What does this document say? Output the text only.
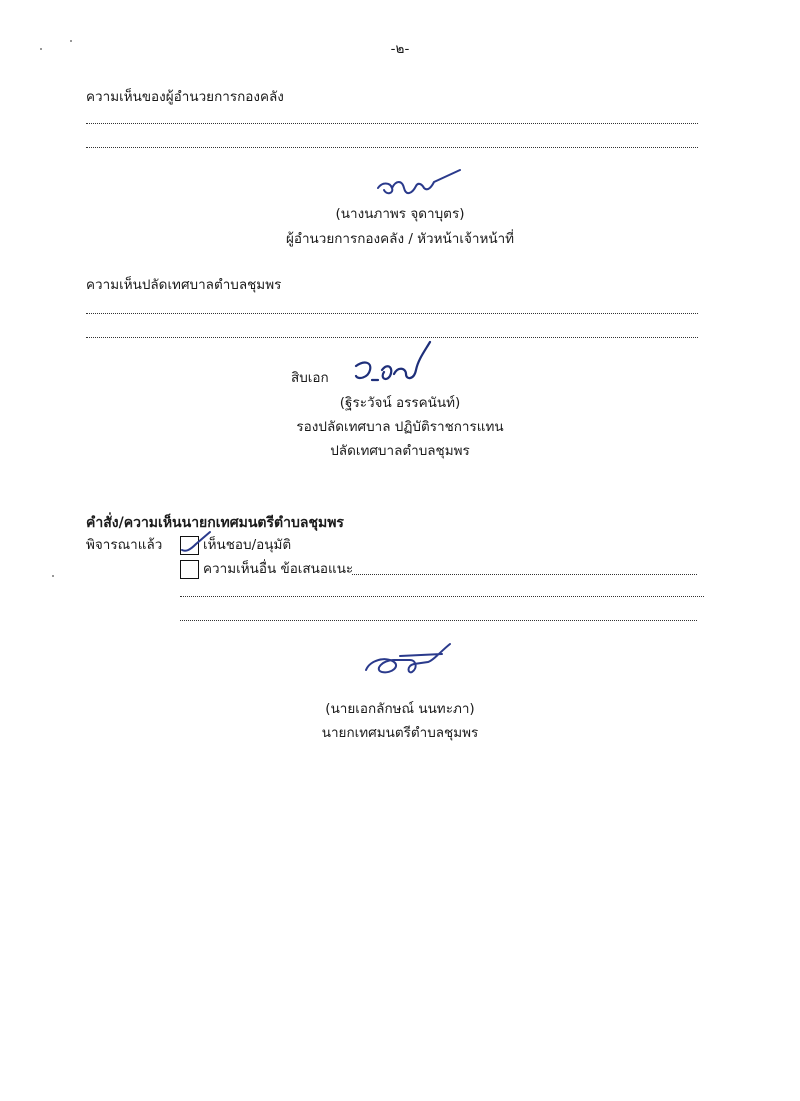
-๒-
ความเห็นของผู้อำนวยการกองคลัง
(นางนภาพร จุดาบุตร)
ผู้อำนวยการกองคลัง / หัวหน้าเจ้าหน้าที่
ความเห็นปลัดเทศบาลตำบลชุมพร
สิบเอก
(ฐิระวัจน์ อรรคนันท์)
รองปลัดเทศบาล ปฏิบัติราชการแทน
ปลัดเทศบาลตำบลชุมพร
คำสั่ง/ความเห็นนายกเทศมนตรีตำบลชุมพร
พิจารณาแล้ว	เห็นชอบ/อนุมัติ
ความเห็นอื่น ข้อเสนอแนะ
(นายเอกลักษณ์ นนทะภา)
นายกเทศมนตรีตำบลชุมพร
